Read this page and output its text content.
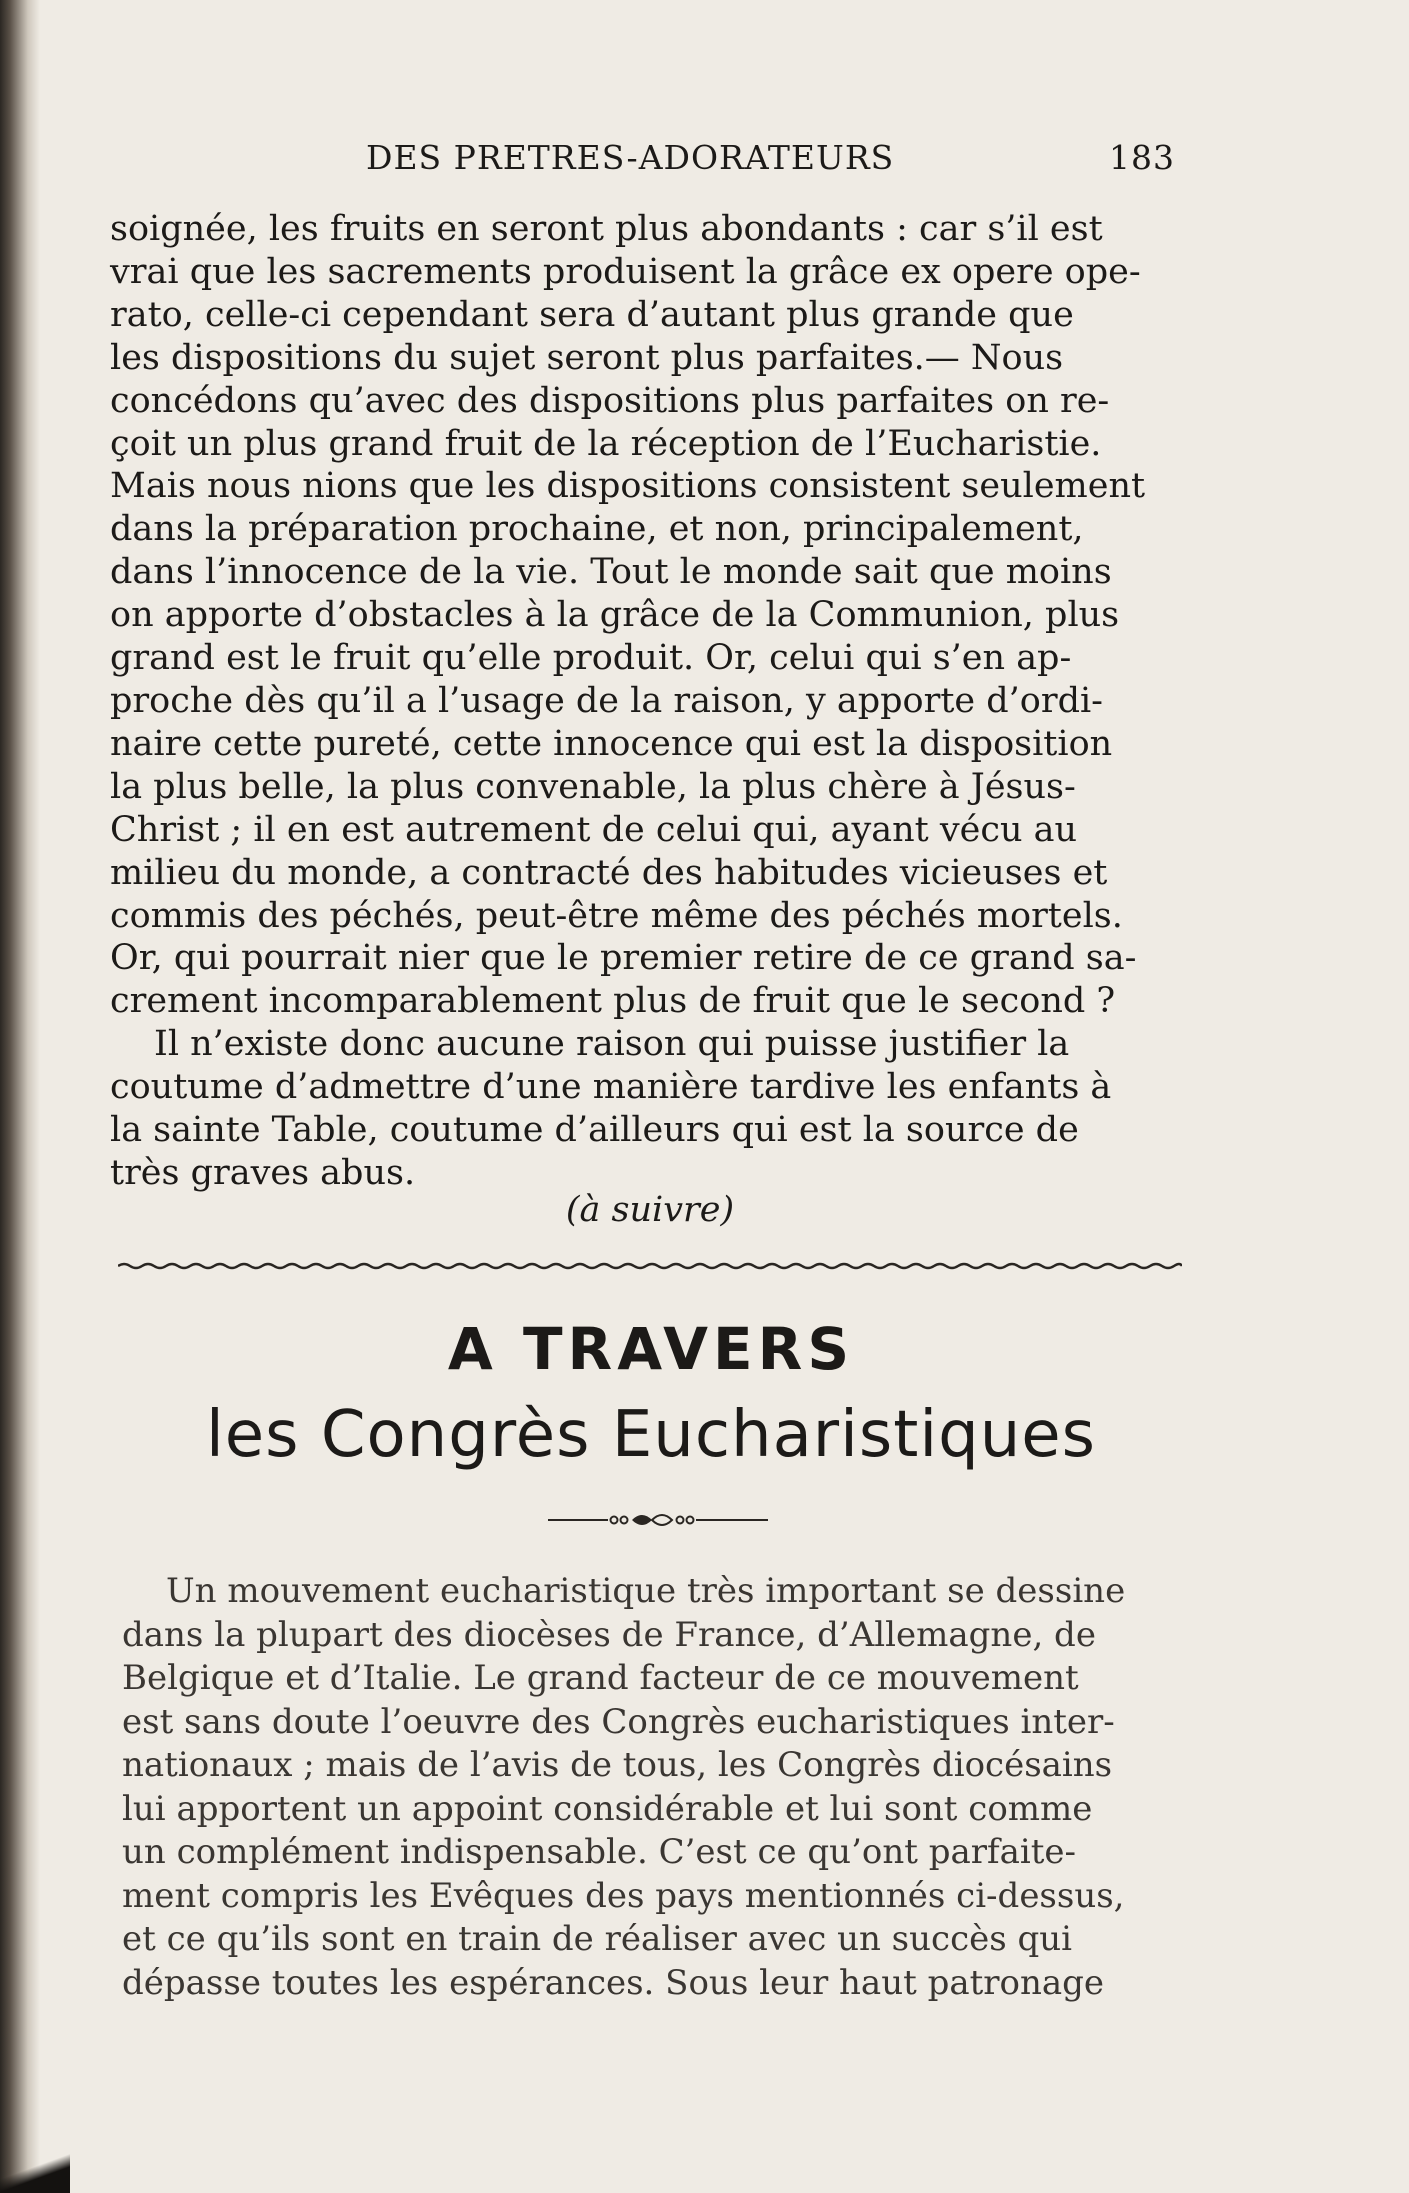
DES PRETRES-ADORATEURS	183
soignée, les fruits en seront plus abondants : car s’il est
vrai que les sacrements produisent la grâce ex opere ope-
rato, celle-ci cependant sera d’autant plus grande que
les dispositions du sujet seront plus parfaites.— Nous
concédons qu’avec des dispositions plus parfaites on re-
çoit un plus grand fruit de la réception de l’Eucharistie.
Mais nous nions que les dispositions consistent seulement
dans la préparation prochaine, et non, principalement,
dans l’innocence de la vie. Tout le monde sait que moins
on apporte d’obstacles à la grâce de la Communion, plus
grand est le fruit qu’elle produit. Or, celui qui s’en ap-
proche dès qu’il a l’usage de la raison, y apporte d’ordi-
naire cette pureté, cette innocence qui est la disposition
la plus belle, la plus convenable, la plus chère à Jésus-
Christ ; il en est autrement de celui qui, ayant vécu au
milieu du monde, a contracté des habitudes vicieuses et
commis des péchés, peut-être même des péchés mortels.
Or, qui pourrait nier que le premier retire de ce grand sa-
crement incomparablement plus de fruit que le second ?
Il n’existe donc aucune raison qui puisse justifier la
coutume d’admettre d’une manière tardive les enfants à
la sainte Table, coutume d’ailleurs qui est la source de
très graves abus.
(à suivre)
A TRAVERS
les Congrès Eucharistiques
Un mouvement eucharistique très important se dessine
dans la plupart des diocèses de France, d’Allemagne, de
Belgique et d’Italie. Le grand facteur de ce mouvement
est sans doute l’oeuvre des Congrès eucharistiques inter-
nationaux ; mais de l’avis de tous, les Congrès diocésains
lui apportent un appoint considérable et lui sont comme
un complément indispensable. C’est ce qu’ont parfaite-
ment compris les Evêques des pays mentionnés ci-dessus,
et ce qu’ils sont en train de réaliser avec un succès qui
dépasse toutes les espérances. Sous leur haut patronage
